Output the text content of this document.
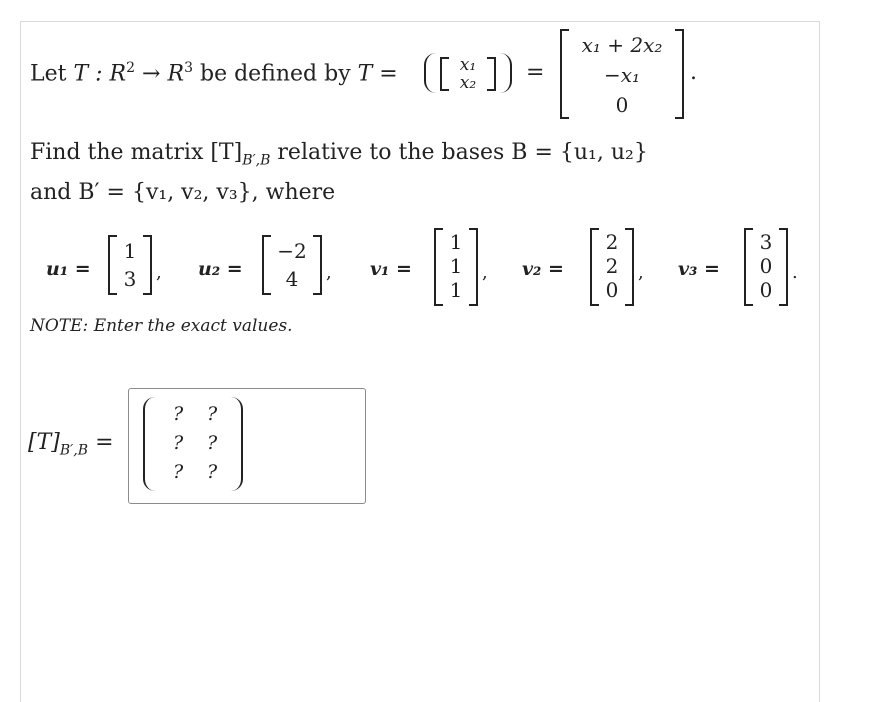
Let T : $R^2 \to R^3$ be defined by T =	x₁
x₂	=
x₁ + 2x₂
−x₁
0
.
Find the matrix $[T]_{B',B}$ relative to the bases B = {u₁, u₂}
and B′ = {v₁, v₂, v₃}, where
u₁ =
1
3	, u₂ =
−2
4	, v₁ =
1
1
1
, v₂ =
2
2
0
, v₃ =
3
0
0
.
NOTE: Enter the exact values.
$[T]_{B',B}$ =
? ?
? ?
? ?
